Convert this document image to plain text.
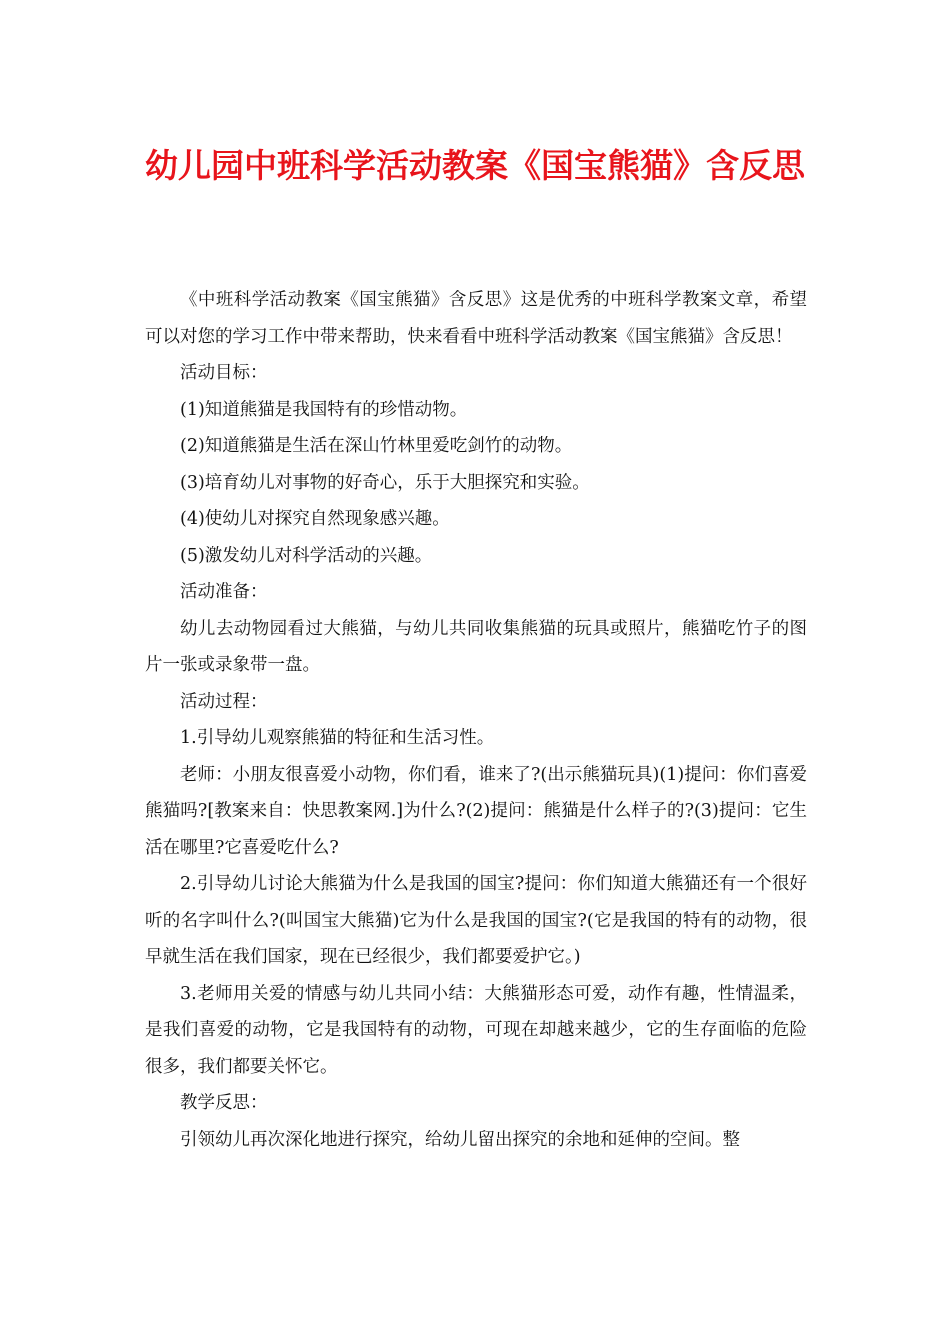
幼儿园中班科学活动教案《国宝熊猫》含反思

《中班科学活动教案《国宝熊猫》含反思》这是优秀的中班科学教案文章，希望可以对您的学习工作中带来帮助，快来看看中班科学活动教案《国宝熊猫》含反思！

活动目标：

(1)知道熊猫是我国特有的珍惜动物。

(2)知道熊猫是生活在深山竹林里爱吃剑竹的动物。

(3)培育幼儿对事物的好奇心，乐于大胆探究和实验。

(4)使幼儿对探究自然现象感兴趣。

(5)激发幼儿对科学活动的兴趣。

活动准备：

幼儿去动物园看过大熊猫，与幼儿共同收集熊猫的玩具或照片，熊猫吃竹子的图片一张或录象带一盘。

活动过程：

1.引导幼儿观察熊猫的特征和生活习性。

老师：小朋友很喜爱小动物，你们看，谁来了?(出示熊猫玩具)(1)提问：你们喜爱熊猫吗?[教案来自：快思教案网.]为什么?(2)提问：熊猫是什么样子的?(3)提问：它生活在哪里?它喜爱吃什么?

2.引导幼儿讨论大熊猫为什么是我国的国宝?提问：你们知道大熊猫还有一个很好听的名字叫什么?(叫国宝大熊猫)它为什么是我国的国宝?(它是我国的特有的动物，很早就生活在我们国家，现在已经很少，我们都要爱护它。)

3.老师用关爱的情感与幼儿共同小结：大熊猫形态可爱，动作有趣，性情温柔，是我们喜爱的动物，它是我国特有的动物，可现在却越来越少，它的生存面临的危险很多，我们都要关怀它。

教学反思：

引领幼儿再次深化地进行探究，给幼儿留出探究的余地和延伸的空间。整
